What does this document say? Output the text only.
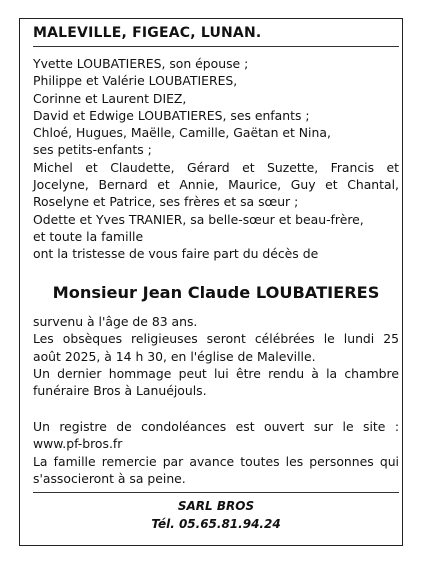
MALEVILLE, FIGEAC, LUNAN.
Yvette LOUBATIERES, son épouse ;
Philippe et Valérie LOUBATIERES,
Corinne et Laurent DIEZ,
David et Edwige LOUBATIERES, ses enfants ;
Chloé, Hugues, Maëlle, Camille, Gaëtan et Nina,
ses petits-enfants ;
Michel et Claudette, Gérard et Suzette, Francis et
Jocelyne, Bernard et Annie, Maurice, Guy et Chantal,
Roselyne et Patrice, ses frères et sa sœur ;
Odette et Yves TRANIER, sa belle-sœur et beau-frère,
et toute la famille
ont la tristesse de vous faire part du décès de
Monsieur Jean Claude LOUBATIERES
survenu à l'âge de 83 ans.
Les obsèques religieuses seront célébrées le lundi 25
août 2025, à 14 h 30, en l'église de Maleville.
Un dernier hommage peut lui être rendu à la chambre
funéraire Bros à Lanuéjouls.
Un registre de condoléances est ouvert sur le site :
www.pf-bros.fr
La famille remercie par avance toutes les personnes qui
s'associeront à sa peine.
SARL BROS
Tél. 05.65.81.94.24
